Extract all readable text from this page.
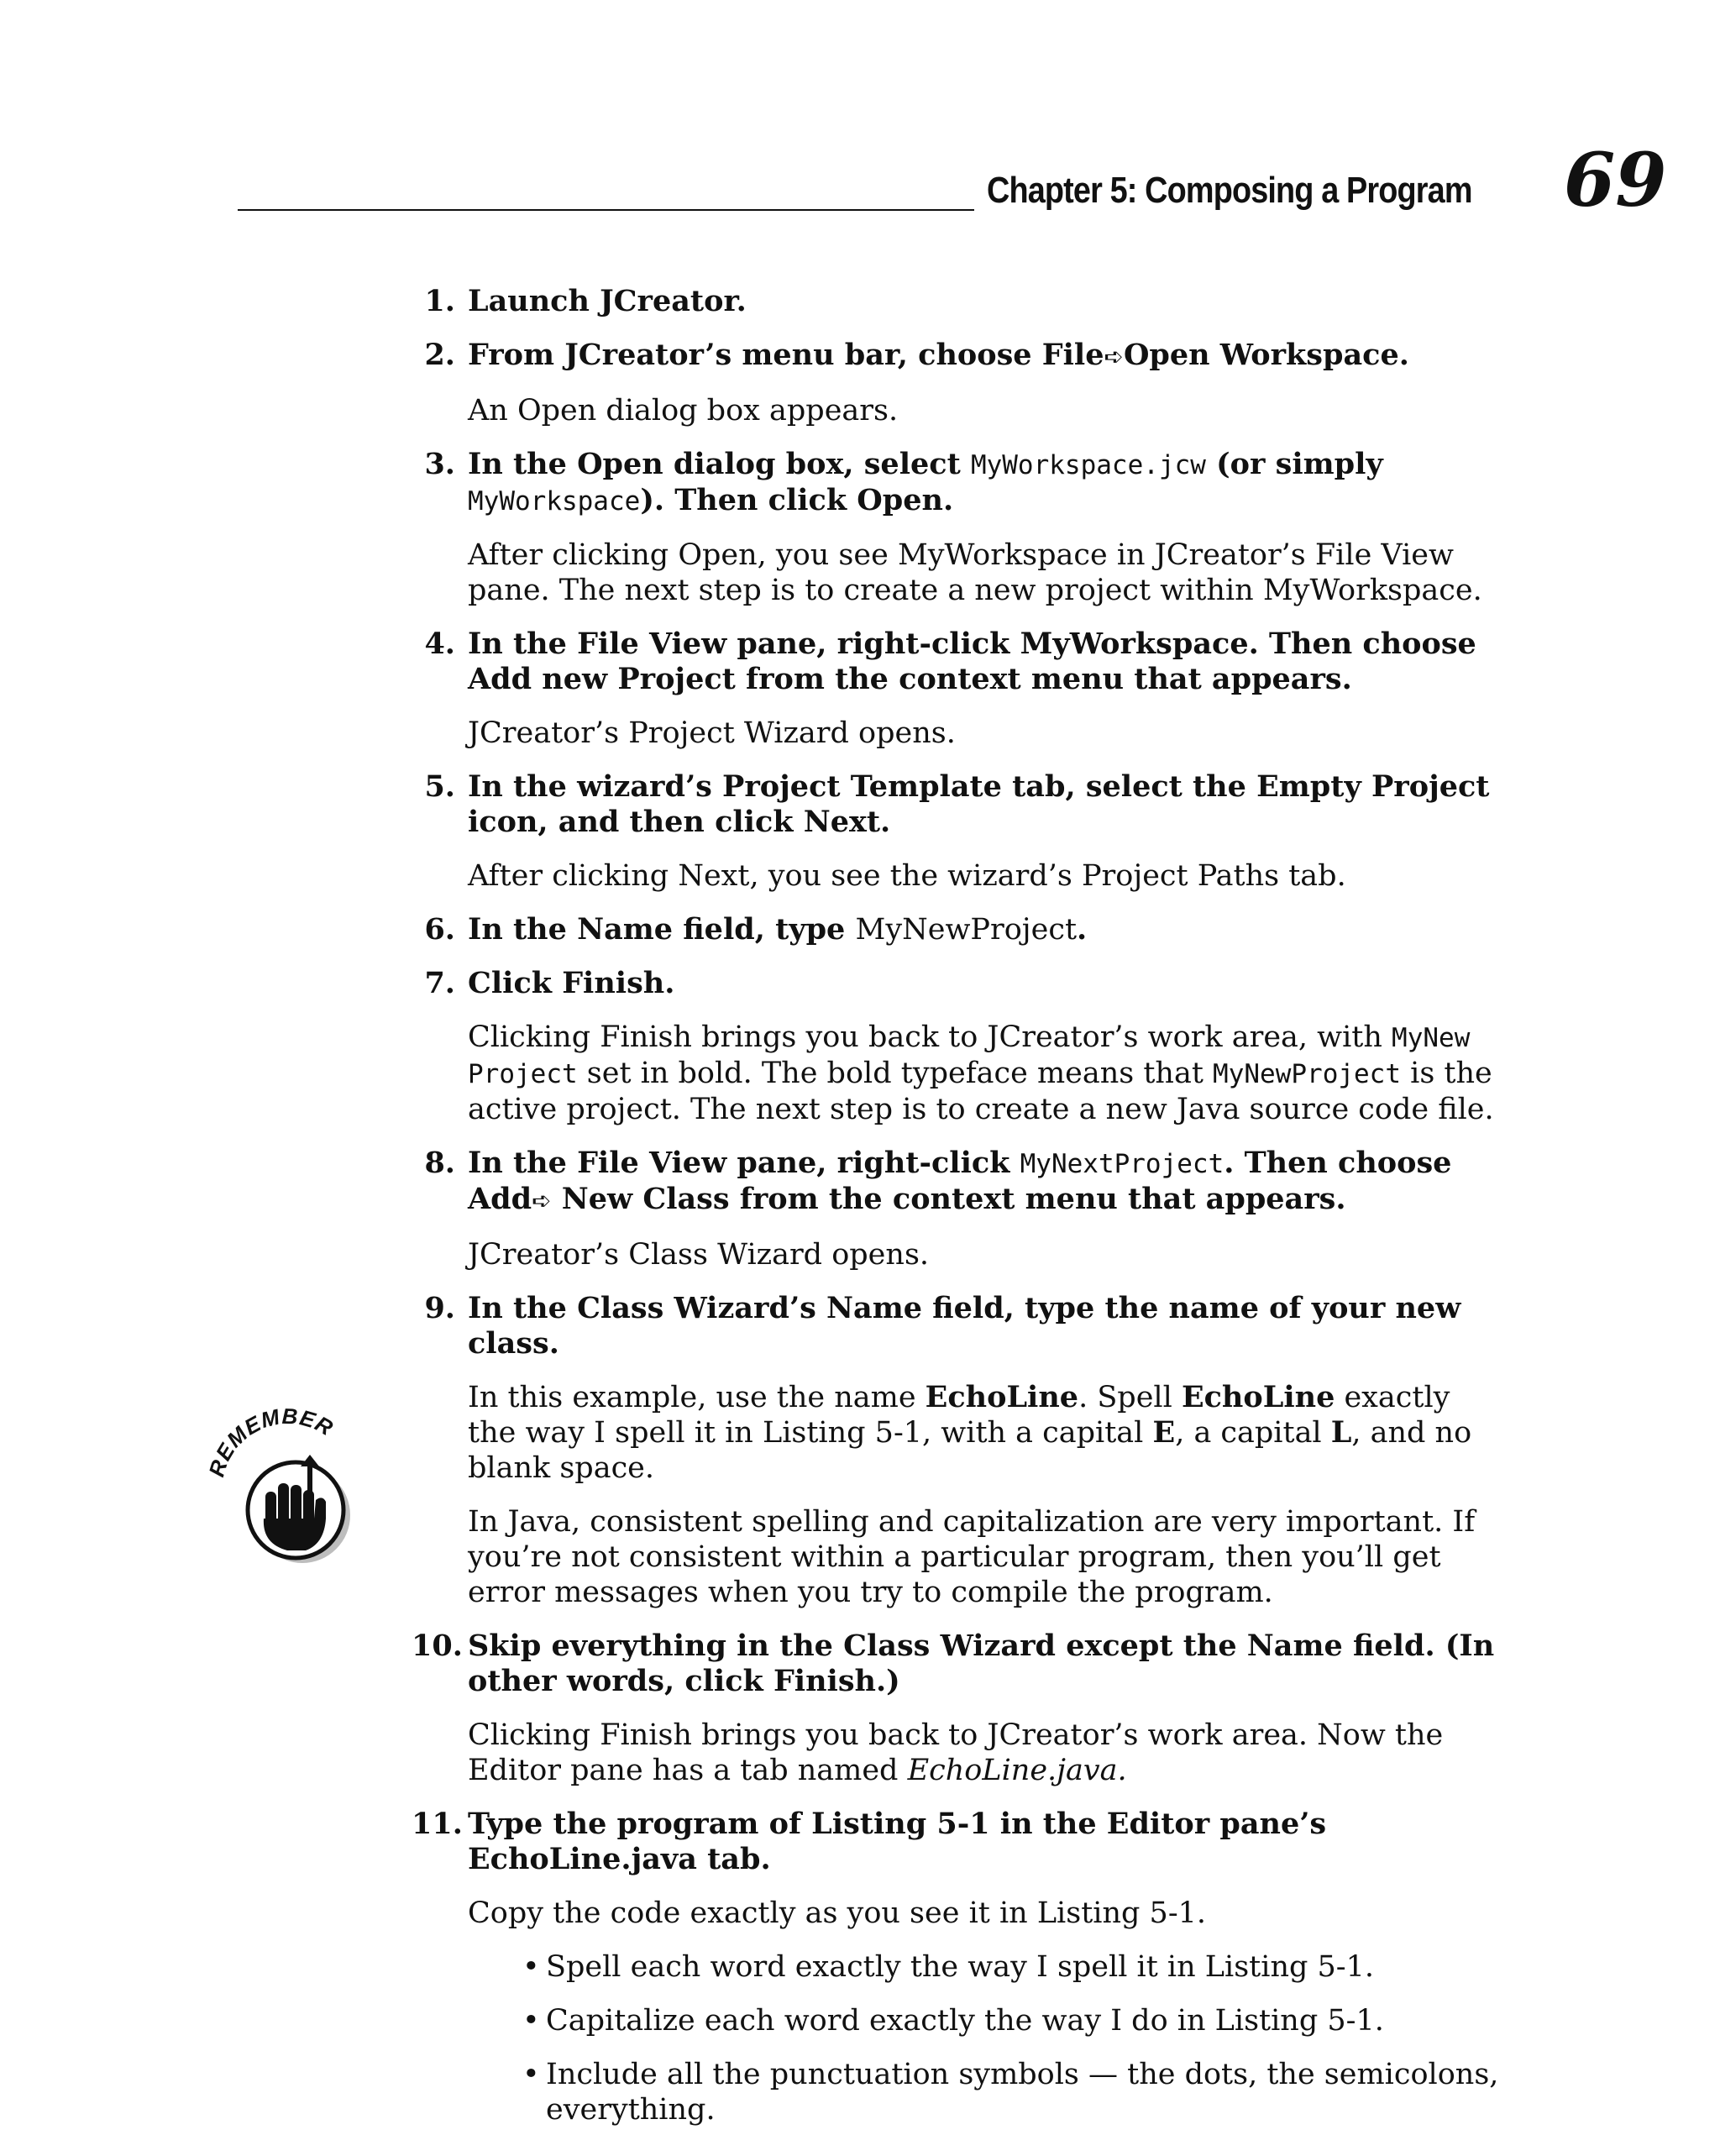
Chapter 5: Composing a Program 69
EMEMBER
1. Launch JCreator.
2. From JCreator’s menu bar, choose File➪Open Workspace.
An Open dialog box appears.
3. In the Open dialog box, select MyWorkspace.jcw (or simply MyWorkspace). Then click Open.
After clicking Open, you see MyWorkspace in JCreator’s File View pane. The next step is to create a new project within MyWorkspace.
4. In the File View pane, right-click MyWorkspace. Then choose Add new Project from the context menu that appears.
JCreator’s Project Wizard opens.
5. In the wizard’s Project Template tab, select the Empty Project icon, and then click Next.
After clicking Next, you see the wizard’s Project Paths tab.
6. In the Name field, type MyNewProject.
7. Click Finish.
Clicking Finish brings you back to JCreator’s work area, with MyNew Project set in bold. The bold typeface means that MyNewProject is the active project. The next step is to create a new Java source code file.
8. In the File View pane, right-click MyNextProject. Then choose Add➪ New Class from the context menu that appears.
JCreator’s Class Wizard opens.
9. In the Class Wizard’s Name field, type the name of your new class.
In this example, use the name EchoLine. Spell EchoLine exactly the way I spell it in Listing 5-1, with a capital E, a capital L, and no blank space.
In Java, consistent spelling and capitalization are very important. If you’re not consistent within a particular program, then you’ll get error messages when you try to compile the program.
10. Skip everything in the Class Wizard except the Name field. (In other words, click Finish.)
Clicking Finish brings you back to JCreator’s work area. Now the Editor pane has a tab named EchoLine.java.
11. Type the program of Listing 5-1 in the Editor pane’s EchoLine.java tab.
Copy the code exactly as you see it in Listing 5-1.
• Spell each word exactly the way I spell it in Listing 5-1.
• Capitalize each word exactly the way I do in Listing 5-1.
• Include all the punctuation symbols — the dots, the semicolons, everything.
